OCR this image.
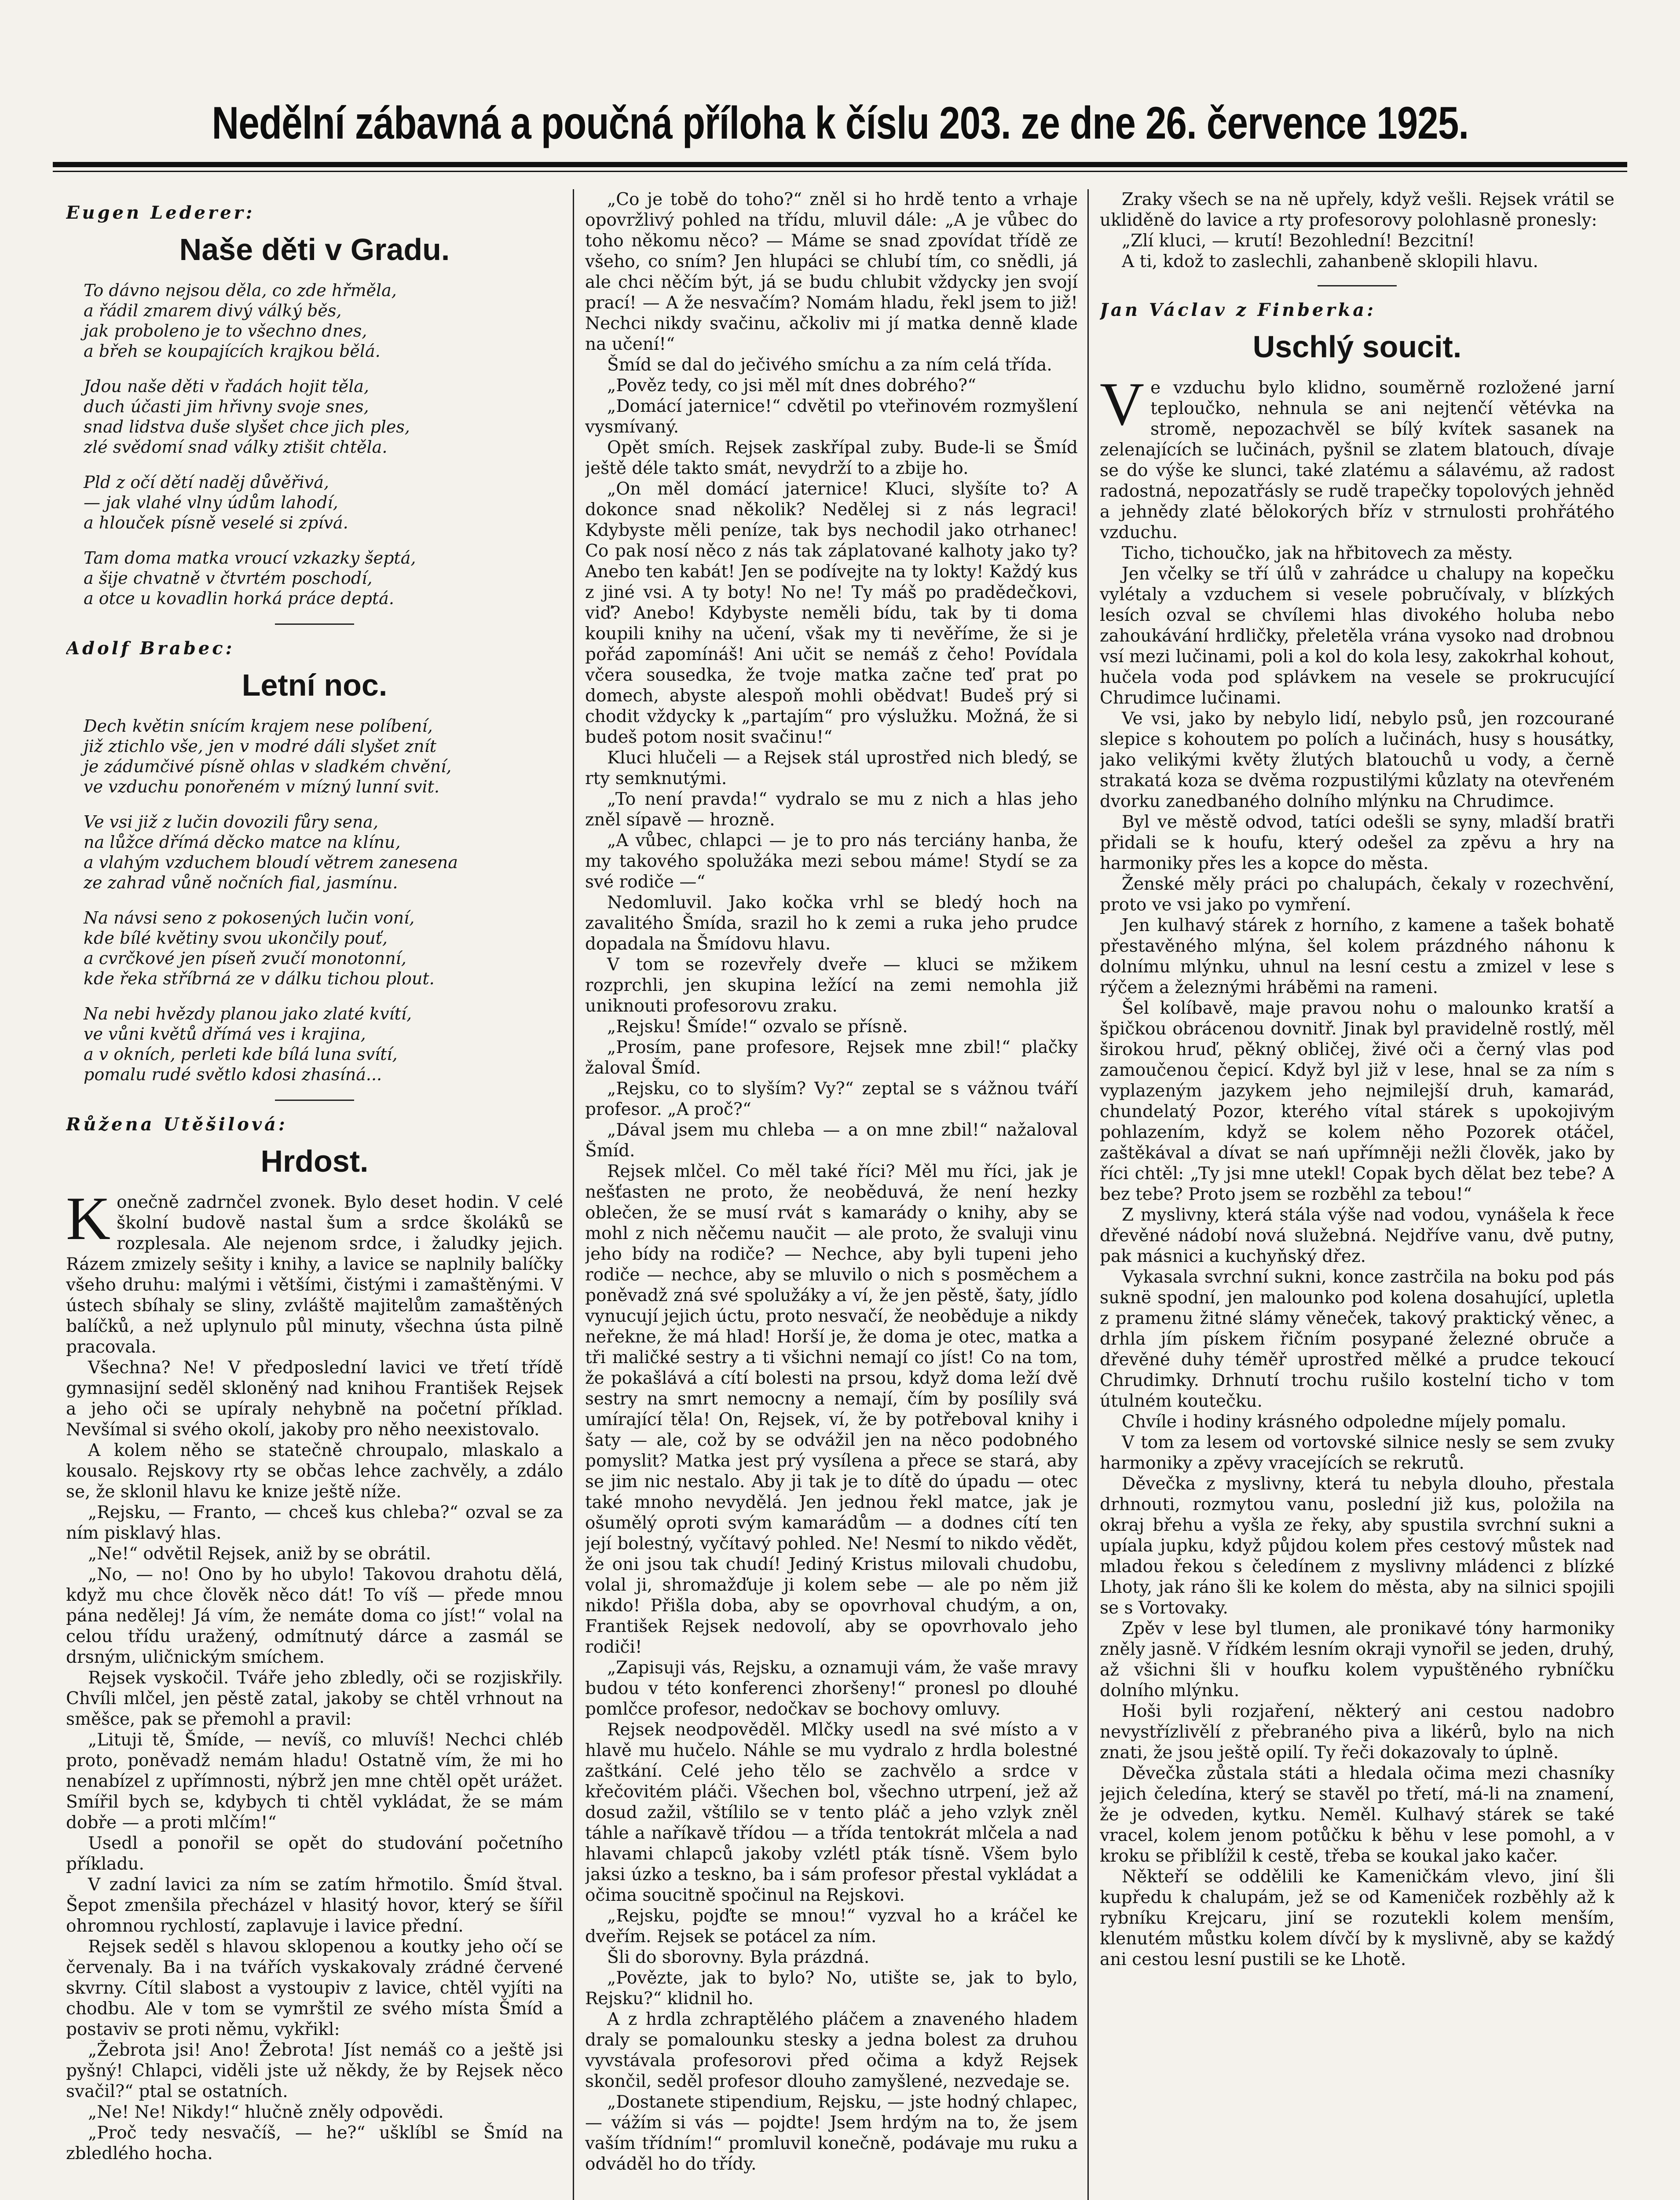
Nedělní zábavná a poučná příloha k číslu 203. ze dne 26. července 1925.
Eugen Lederer:
Naše děti v Gradu.
To dávno nejsou děla, co zde hřměla,
a řádil zmarem divý válký běs,
jak proboleno je to všechno dnes,
a břeh se koupajících krajkou bělá.
Jdou naše děti v řadách hojit těla,
duch účasti jim hřivny svoje snes,
snad lidstva duše slyšet chce jich ples,
zlé svědomí snad války ztišit chtěla.
Pld z očí dětí naděj důvěřivá,
— jak vlahé vlny údům lahodí,
a hlouček písně veselé si zpívá.
Tam doma matka vroucí vzkazky šeptá,
a šije chvatně v čtvrtém poschodí,
a otce u kovadlin horká práce deptá.
Adolf Brabec:
Letní noc.
Dech květin snícím krajem nese políbení,
již ztichlo vše, jen v modré dáli slyšet znít
je zádumčivé písně ohlas v sladkém chvění,
ve vzduchu ponořeném v mízný lunní svit.
Ve vsi již z lučin dovozili fůry sena,
na lůžce dřímá děcko matce na klínu,
a vlahým vzduchem bloudí větrem zanesena
ze zahrad vůně nočních fial, jasmínu.
Na návsi seno z pokosených lučin voní,
kde bílé květiny svou ukončily pouť,
a cvrčkové jen píseň zvučí monotonní,
kde řeka stříbrná ze v dálku tichou plout.
Na nebi hvězdy planou jako zlaté kvítí,
ve vůni květů dřímá ves i krajina,
a v okních, perleti kde bílá luna svítí,
pomalu rudé světlo kdosi zhasíná...
Růžena Utěšilová:
Hrdost.

Konečně zadrnčel zvonek. Bylo deset hodin. V celé školní budově nastal šum a srdce školáků se rozplesala. Ale nejenom srdce, i žaludky jejich. Rázem zmizely sešity i knihy, a lavice se naplnily balíčky všeho druhu: malými i většími, čistými i zamaštěnými. V ústech sbíhaly se sliny, zvláště majitelům zamaštěných balíčků, a než uplynulo půl minuty, všechna ústa pilně pracovala.

Všechna? Ne! V předposlední lavici ve třetí třídě gymnasijní seděl skloněný nad knihou František Rejsek a jeho oči se upíraly nehybně na početní příklad. Nevšímal si svého okolí, jakoby pro něho neexistovalo.

A kolem něho se statečně chroupalo, mlaskalo a kousalo. Rejskovy rty se občas lehce zachvěly, a zdálo se, že sklonil hlavu ke knize ještě níže.

„Rejsku, — Franto, — chceš kus chleba?“ ozval se za ním pisklavý hlas.

„Ne!“ odvětil Rejsek, aniž by se obrátil.

„No, — no! Ono by ho ubylo! Takovou drahotu dělá, když mu chce člověk něco dát! To víš — přede mnou pána nedělej! Já vím, že nemáte doma co jíst!“ volal na celou třídu uražený, odmítnutý dárce a zasmál se drsným, uličnickým smíchem.

Rejsek vyskočil. Tváře jeho zbledly, oči se rozjiskřily. Chvíli mlčel, jen pěstě zatal, jakoby se chtěl vrhnout na směšce, pak se přemohl a pravil:

„Lituji tě, Šmíde, — nevíš, co mluvíš! Nechci chléb proto, poněvadž nemám hladu! Ostatně vím, že mi ho nenabízel z upřímnosti, nýbrž jen mne chtěl opět urážet. Smířil bych se, kdybych ti chtěl vykládat, že se mám dobře — a proti mlčím!“

Usedl a ponořil se opět do studování početního příkladu.

V zadní lavici za ním se zatím hřmotilo. Šmíd štval. Šepot zmenšila přecházel v hlasitý hovor, který se šířil ohromnou rychlostí, zaplavuje i lavice přední.

Rejsek seděl s hlavou sklopenou a koutky jeho očí se červenaly. Ba i na tvářích vyskakovaly zrádné červené skvrny. Cítil slabost a vystoupiv z lavice, chtěl vyjíti na chodbu. Ale v tom se vymrštil ze svého místa Šmíd a postaviv se proti němu, vykřikl:

„Žebrota jsi! Ano! Žebrota! Jíst nemáš co a ještě jsi pyšný! Chlapci, viděli jste už někdy, že by Rejsek něco svačil?“ ptal se ostatních.

„Ne! Ne! Nikdy!“ hlučně zněly odpovědi.

„Proč tedy nesvačíš, — he?“ ušklíbl se Šmíd na zbledlého hocha.

„Co je tobě do toho?“ zněl si ho hrdě tento a vrhaje opovržlivý pohled na třídu, mluvil dále: „A je vůbec do toho někomu něco? — Máme se snad zpovídat třídě ze všeho, co sním? Jen hlupáci se chlubí tím, co snědli, já ale chci něčím být, já se budu chlubit vždycky jen svojí prací! — A že nesvačím? Nomám hladu, řekl jsem to již! Nechci nikdy svačinu, ačkoliv mi jí matka denně klade na učení!“

Šmíd se dal do ječivého smíchu a za ním celá třída.

„Pověz tedy, co jsi měl mít dnes dobrého?“

„Domácí jaternice!“ cdvětil po vteřinovém rozmyšlení vysmívaný.

Opět smích. Rejsek zaskřípal zuby. Bude-li se Šmíd ještě déle takto smát, nevydrží to a zbije ho.

„On měl domácí jaternice! Kluci, slyšíte to? A dokonce snad několik? Nedělej si z nás legraci! Kdybyste měli peníze, tak bys nechodil jako otrhanec! Co pak nosí něco z nás tak záplatované kalhoty jako ty? Anebo ten kabát! Jen se podívejte na ty lokty! Každý kus z jiné vsi. A ty boty! No ne! Ty máš po pradědečkovi, viď? Anebo! Kdybyste neměli bídu, tak by ti doma koupili knihy na učení, však my ti nevěříme, že si je pořád zapomínáš! Ani učit se nemáš z čeho! Povídala včera sousedka, že tvoje matka začne teď prat po domech, abyste alespoň mohli obědvat! Budeš prý si chodit vždycky k „partajím“ pro výslužku. Možná, že si budeš potom nosit svačinu!“

Kluci hlučeli — a Rejsek stál uprostřed nich bledý, se rty semknutými.

„To není pravda!“ vydralo se mu z nich a hlas jeho zněl sípavě — hrozně.

„A vůbec, chlapci — je to pro nás terciány hanba, že my takového spolužáka mezi sebou máme! Stydí se za své rodiče —“

Nedomluvil. Jako kočka vrhl se bledý hoch na zavalitého Šmída, srazil ho k zemi a ruka jeho prudce dopadala na Šmídovu hlavu.

V tom se rozevřely dveře — kluci se mžikem rozprchli, jen skupina ležící na zemi nemohla již uniknouti profesorovu zraku.

„Rejsku! Šmíde!“ ozvalo se přísně.

„Prosím, pane profesore, Rejsek mne zbil!“ plačky žaloval Šmíd.

„Rejsku, co to slyším? Vy?“ zeptal se s vážnou tváří profesor. „A proč?“

„Dával jsem mu chleba — a on mne zbil!“ nažaloval Šmíd.

Rejsek mlčel. Co měl také říci? Měl mu říci, jak je nešťasten ne proto, že neoběduvá, že není hezky oblečen, že se musí rvát s kamarády o knihy, aby se mohl z nich něčemu naučit — ale proto, že svaluji vinu jeho bídy na rodiče? — Nechce, aby byli tupeni jeho rodiče — nechce, aby se mluvilo o nich s posměchem a poněvadž zná své spolužáky a ví, že jen pěstě, šaty, jídlo vynucují jejich úctu, proto nesvačí, že neoběduje a nikdy neřekne, že má hlad! Horší je, že doma je otec, matka a tři maličké sestry a ti všichni nemají co jíst! Co na tom, že pokašlává a cítí bolesti na prsou, když doma leží dvě sestry na smrt nemocny a nemají, čím by posílily svá umírající těla! On, Rejsek, ví, že by potřeboval knihy i šaty — ale, což by se odvážil jen na něco podobného pomyslit? Matka jest prý vysílena a přece se stará, aby se jim nic nestalo. Aby ji tak je to dítě do úpadu — otec také mnoho nevydělá. Jen jednou řekl matce, jak je ošumělý oproti svým kamarádům — a dodnes cítí ten její bolestný, vyčítavý pohled. Ne! Nesmí to nikdo vědět, že oni jsou tak chudí! Jediný Kristus milovali chudobu, volal ji, shromažďuje ji kolem sebe — ale po něm již nikdo! Přišla doba, aby se opovrhoval chudým, a on, František Rejsek nedovolí, aby se opovrhovalo jeho rodiči!

„Zapisuji vás, Rejsku, a oznamuji vám, že vaše mravy budou v této konferenci zhoršeny!“ pronesl po dlouhé pomlčce profesor, nedočkav se bochovy omluvy.

Rejsek neodpověděl. Mlčky usedl na své místo a v hlavě mu hučelo. Náhle se mu vydralo z hrdla bolestné zaštkání. Celé jeho tělo se zachvělo a srdce v křečovitém pláči. Všechen bol, všechno utrpení, jež až dosud zažil, vštílilo se v tento pláč a jeho vzlyk zněl táhle a naříkavě třídou — a třída tentokrát mlčela a nad hlavami chlapců jakoby vzlétl pták tísně. Všem bylo jaksi úzko a teskno, ba i sám profesor přestal vykládat a očima soucitně spočinul na Rejskovi.

„Rejsku, pojďte se mnou!“ vyzval ho a kráčel ke dveřím. Rejsek se potácel za ním.

Šli do sborovny. Byla prázdná.

„Povězte, jak to bylo? No, utište se, jak to bylo, Rejsku?“ klidnil ho.

A z hrdla zchraptělého pláčem a znaveného hladem draly se pomalounku stesky a jedna bolest za druhou vyvstávala profesorovi před očima a když Rejsek skončil, seděl profesor dlouho zamyšlené, nezvedaje se.

„Dostanete stipendium, Rejsku, — jste hodný chlapec, — vážím si vás — pojdte! Jsem hrdým na to, že jsem vaším třídním!“ promluvil konečně, podávaje mu ruku a odváděl ho do třídy.

Zraky všech se na ně upřely, když vešli. Rejsek vrátil se ukliděně do lavice a rty profesorovy polohlasně pronesly:

„Zlí kluci, — krutí! Bezohlední! Bezcitní!

A ti, kdož to zaslechli, zahanbeně sklopili hlavu.

Jan Václav z Finberka:
Uschlý soucit.

Ve vzduchu bylo klidno, souměrně rozložené jarní teploučko, nehnula se ani nejtenčí větévka na stromě, nepozachvěl se bílý kvítek sasanek na zelenajících se lučinách, pyšnil se zlatem blatouch, dívaje se do výše ke slunci, také zlatému a sálavému, až radost radostná, nepozatřásly se rudě trapečky topolových jehněd a jehnědy zlaté bělokorých bříz v strnulosti prohřátého vzduchu.

Ticho, tichoučko, jak na hřbitovech za městy.

Jen včelky se tří úlů v zahrádce u chalupy na kopečku vylétaly a vzduchem si vesele pobručívaly, v blízkých lesích ozval se chvílemi hlas divokého holuba nebo zahoukávání hrdličky, přeletěla vrána vysoko nad drobnou vsí mezi lučinami, poli a kol do kola lesy, zakokrhal kohout, hučela voda pod splávkem na vesele se prokrucující Chrudimce lučinami.

Ve vsi, jako by nebylo lidí, nebylo psů, jen rozcourané slepice s kohoutem po polích a lučinách, husy s housátky, jako velikými květy žlutých blatouchů u vody, a černě strakatá koza se dvěma rozpustilými kůzlaty na otevřeném dvorku zanedbaného dolního mlýnku na Chrudimce.

Byl ve městě odvod, tatíci odešli se syny, mladší bratři přidali se k houfu, který odešel za zpěvu a hry na harmoniky přes les a kopce do města.

Ženské měly práci po chalupách, čekaly v rozechvění, proto ve vsi jako po vymření.

Jen kulhavý stárek z horního, z kamene a tašek bohatě přestavěného mlýna, šel kolem prázdného náhonu k dolnímu mlýnku, uhnul na lesní cestu a zmizel v lese s rýčem a železnými hráběmi na rameni.

Šel kolíbavě, maje pravou nohu o malounko kratší a špičkou obrácenou dovnitř. Jinak byl pravidelně rostlý, měl širokou hruď, pěkný obličej, živé oči a černý vlas pod zamoučenou čepicí. Když byl již v lese, hnal se za ním s vyplazeným jazykem jeho nejmilejší druh, kamarád, chundelatý Pozor, kterého vítal stárek s upokojivým pohlazením, když se kolem něho Pozorek otáčel, zaštěkával a dívat se nań upřímněji nežli člověk, jako by říci chtěl: „Ty jsi mne utekl! Copak bych dělat bez tebe? A bez tebe? Proto jsem se rozběhl za tebou!“

Z myslivny, která stála výše nad vodou, vynášela k řece dřevěné nádobí nová služebná. Nejdříve vanu, dvě putny, pak másnici a kuchyňský dřez.

Vykasala svrchní sukni, konce zastrčila na boku pod pás suknë spodní, jen malounko pod kolena dosahující, upletla z pramenu žitné slámy věneček, takový praktický věnec, a drhla jím pískem řičním posypané železné obruče a dřevěné duhy téměř uprostřed mělké a prudce tekoucí Chrudimky. Drhnutí trochu rušilo kostelní ticho v tom útulném koutečku.

Chvíle i hodiny krásného odpoledne míjely pomalu.

V tom za lesem od vortovské silnice nesly se sem zvuky harmoniky a zpěvy vracejících se rekrutů.

Děvečka z myslivny, která tu nebyla dlouho, přestala drhnouti, rozmytou vanu, poslední již kus, položila na okraj břehu a vyšla ze řeky, aby spustila svrchní sukni a upíala jupku, když půjdou kolem přes cestový můstek nad mladou řekou s čeledínem z myslivny mládenci z blízké Lhoty, jak ráno šli ke kolem do města, aby na silnici spojili se s Vortovaky.

Zpěv v lese byl tlumen, ale pronikavé tóny harmoniky zněly jasně. V řídkém lesním okraji vynořil se jeden, druhý, až všichni šli v houfku kolem vypuštěného rybníčku dolního mlýnku.

Hoši byli rozjaření, některý ani cestou nadobro nevystřízlivělí z přebraného piva a likérů, bylo na nich znati, že jsou ještě opilí. Ty řeči dokazovaly to úplně.

Děvečka zůstala státi a hledala očima mezi chasníky jejich čeledína, který se stavěl po třetí, má-li na znamení, že je odveden, kytku. Neměl. Kulhavý stárek se také vracel, kolem jenom potůčku k běhu v lese pomohl, a v kroku se přiblížil k cestě, třeba se koukal jako kačer.

Někteří se oddělili ke Kameničkám vlevo, jiní šli kupředu k chalupám, jež se od Kameniček rozběhly až k rybníku Krejcaru, jiní se rozutekli kolem menším, klenutém můstku kolem dívčí by k myslivně, aby se každý ani cestou lesní pustili se ke Lhotě.
